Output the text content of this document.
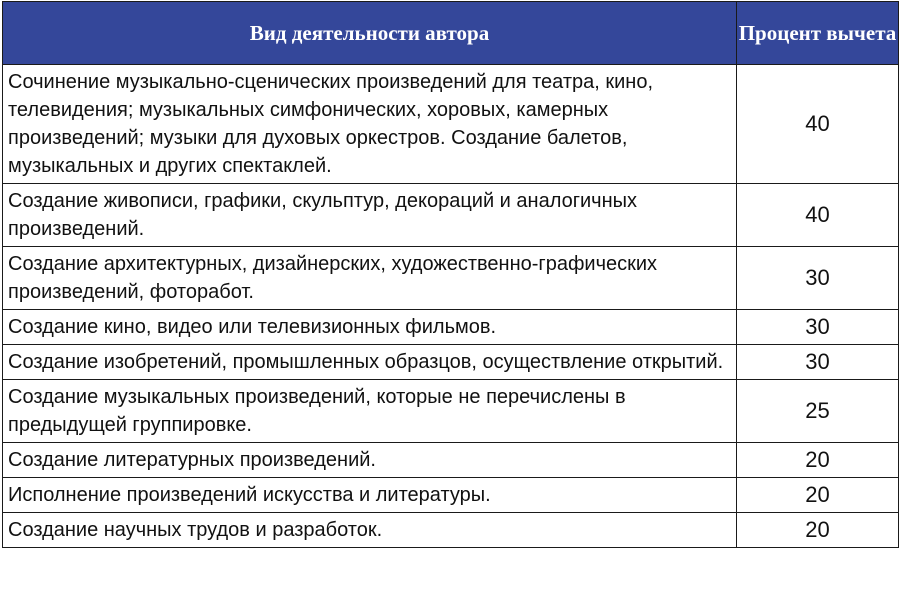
Вид деятельности автора	Процент вычета
Сочинение музыкально-сценических произведений для театра, кино, телевидения; музыкальных симфонических, хоровых, камерных произведений; музыки для духовых оркестров. Создание балетов, музыкальных и других спектаклей.	40
Создание живописи, графики, скульптур, декораций и аналогичных произведений.	40
Создание архитектурных, дизайнерских, художественно-графических произведений, фоторабот.	30
Создание кино, видео или телевизионных фильмов.	30
Создание изобретений, промышленных образцов, осуществление открытий.	30
Создание музыкальных произведений, которые не перечислены в предыдущей группировке.	25
Создание литературных произведений.	20
Исполнение произведений искусства и литературы.	20
Создание научных трудов и разработок.	20
